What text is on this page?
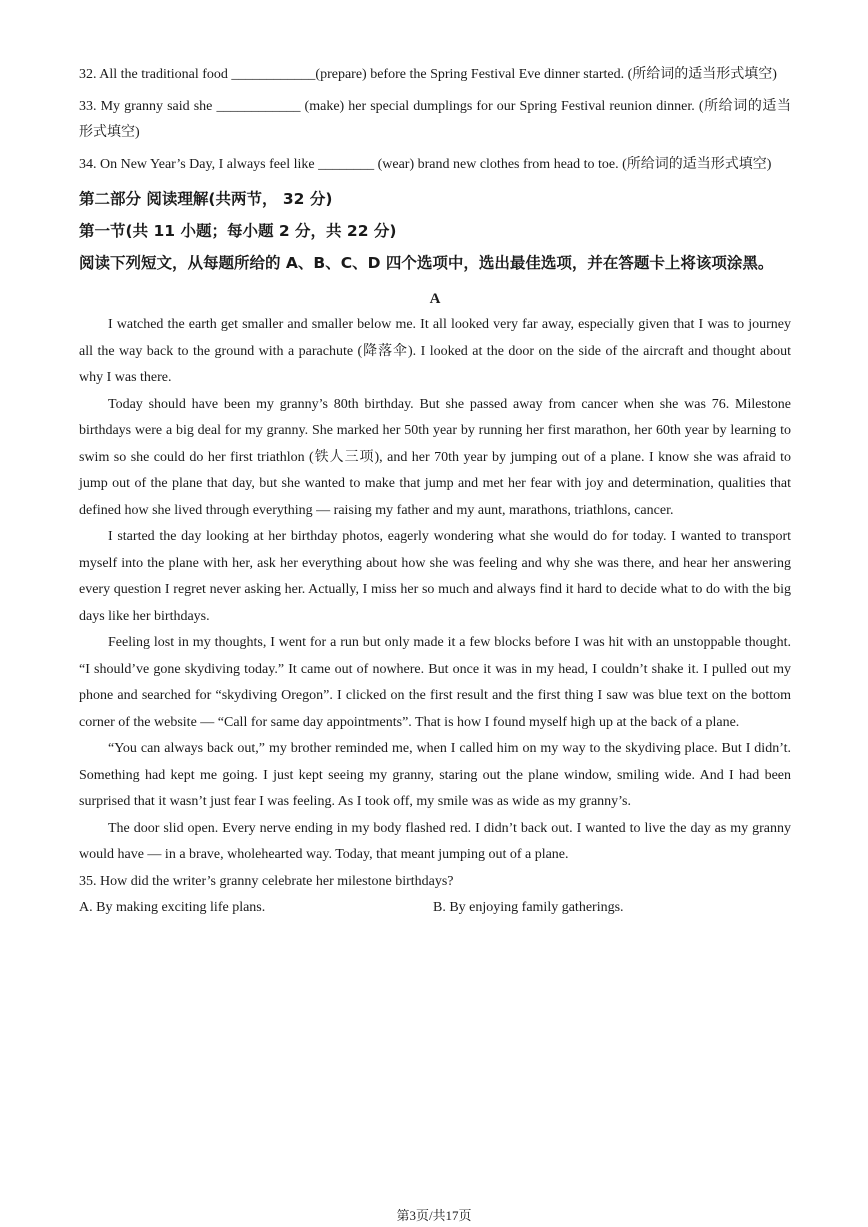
32. All the traditional food ____________(prepare) before the Spring Festival Eve dinner started. (所给词的适当形式填空)

33. My granny said she ____________ (make) her special dumplings for our Spring Festival reunion dinner. (所给词的适当形式填空)

34. On New Year’s Day, I always feel like ________ (wear) brand new clothes from head to toe. (所给词的适当形式填空)

第二部分 阅读理解(共两节， 32 分)

第一节(共 11 小题；每小题 2 分，共 22 分)

阅读下列短文，从每题所给的 A、B、C、D 四个选项中，选出最佳选项，并在答题卡上将该项涂黑。

A

I watched the earth get smaller and smaller below me. It all looked very far away, especially given that I was to journey all the way back to the ground with a parachute (降落伞). I looked at the door on the side of the aircraft and thought about why I was there.

Today should have been my granny’s 80th birthday. But she passed away from cancer when she was 76. Milestone birthdays were a big deal for my granny. She marked her 50th year by running her first marathon, her 60th year by learning to swim so she could do her first triathlon (铁人三项), and her 70th year by jumping out of a plane. I know she was afraid to jump out of the plane that day, but she wanted to make that jump and met her fear with joy and determination, qualities that defined how she lived through everything — raising my father and my aunt, marathons, triathlons, cancer.

I started the day looking at her birthday photos, eagerly wondering what she would do for today. I wanted to transport myself into the plane with her, ask her everything about how she was feeling and why she was there, and hear her answering every question I regret never asking her. Actually, I miss her so much and always find it hard to decide what to do with the big days like her birthdays.

Feeling lost in my thoughts, I went for a run but only made it a few blocks before I was hit with an unstoppable thought. “I should’ve gone skydiving today.” It came out of nowhere. But once it was in my head, I couldn’t shake it. I pulled out my phone and searched for “skydiving Oregon”. I clicked on the first result and the first thing I saw was blue text on the bottom corner of the website — “Call for same day appointments”. That is how I found myself high up at the back of a plane.

“You can always back out,” my brother reminded me, when I called him on my way to the skydiving place. But I didn’t. Something had kept me going. I just kept seeing my granny, staring out the plane window, smiling wide. And I had been surprised that it wasn’t just fear I was feeling. As I took off, my smile was as wide as my granny’s.

The door slid open. Every nerve ending in my body flashed red. I didn’t back out. I wanted to live the day as my granny would have — in a brave, wholehearted way. Today, that meant jumping out of a plane.

35. How did the writer’s granny celebrate her milestone birthdays?

A. By making exciting life plans.	B. By enjoying family gatherings.
第3页/共17页
